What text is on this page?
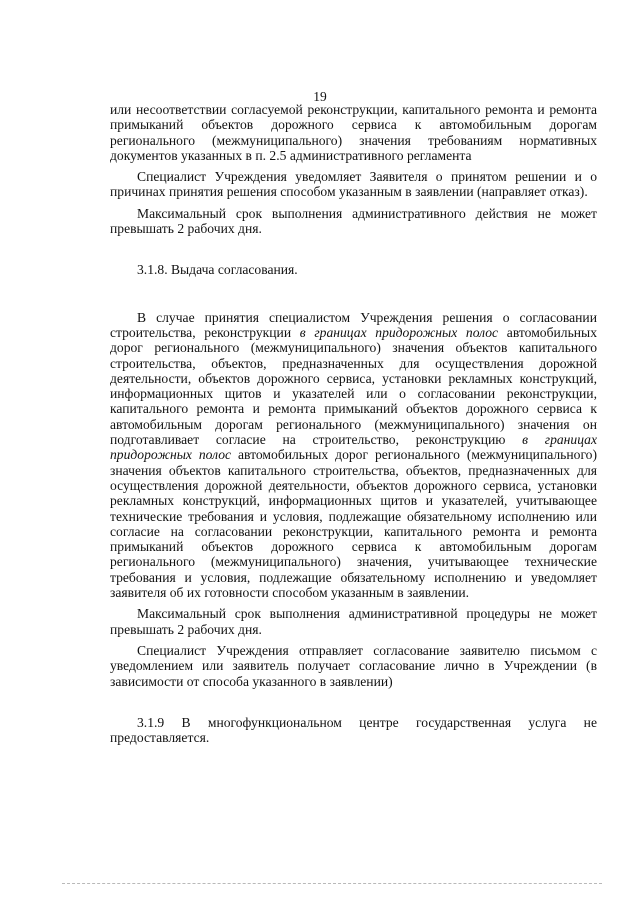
19

или несоответствии согласуемой реконструкции, капитального ремонта и ремонта примыканий объектов дорожного сервиса к автомобильным дорогам регионального (межмуниципального) значения требованиям нормативных документов указанных в п. 2.5 административного регламента

Специалист Учреждения уведомляет Заявителя о принятом решении и о причинах принятия решения способом указанным в заявлении (направляет отказ).

Максимальный срок выполнения административного действия не может превышать 2 рабочих дня.

3.1.8. Выдача согласования.

В случае принятия специалистом Учреждения решения о согласовании строительства, реконструкции в границах придорожных полос автомобильных дорог регионального (межмуниципального) значения объектов капитального строительства, объектов, предназначенных для осуществления дорожной деятельности, объектов дорожного сервиса, установки рекламных конструкций, информационных щитов и указателей или о согласовании реконструкции, капитального ремонта и ремонта примыканий объектов дорожного сервиса к автомобильным дорогам регионального (межмуниципального) значения он подготавливает согласие на строительство, реконструкцию в границах придорожных полос автомобильных дорог регионального (межмуниципального) значения объектов капитального строительства, объектов, предназначенных для осуществления дорожной деятельности, объектов дорожного сервиса, установки рекламных конструкций, информационных щитов и указателей, учитывающее технические требования и условия, подлежащие обязательному исполнению или согласие на согласовании реконструкции, капитального ремонта и ремонта примыканий объектов дорожного сервиса к автомобильным дорогам регионального (межмуниципального) значения, учитывающее технические требования и условия, подлежащие обязательному исполнению и уведомляет заявителя об их готовности способом указанным в заявлении.

Максимальный срок выполнения административной процедуры не может превышать 2 рабочих дня.

Специалист Учреждения отправляет согласование заявителю письмом с уведомлением или заявитель получает согласование лично в Учреждении (в зависимости от способа указанного в заявлении)

3.1.9 В многофункциональном центре государственная услуга не предоставляется.
